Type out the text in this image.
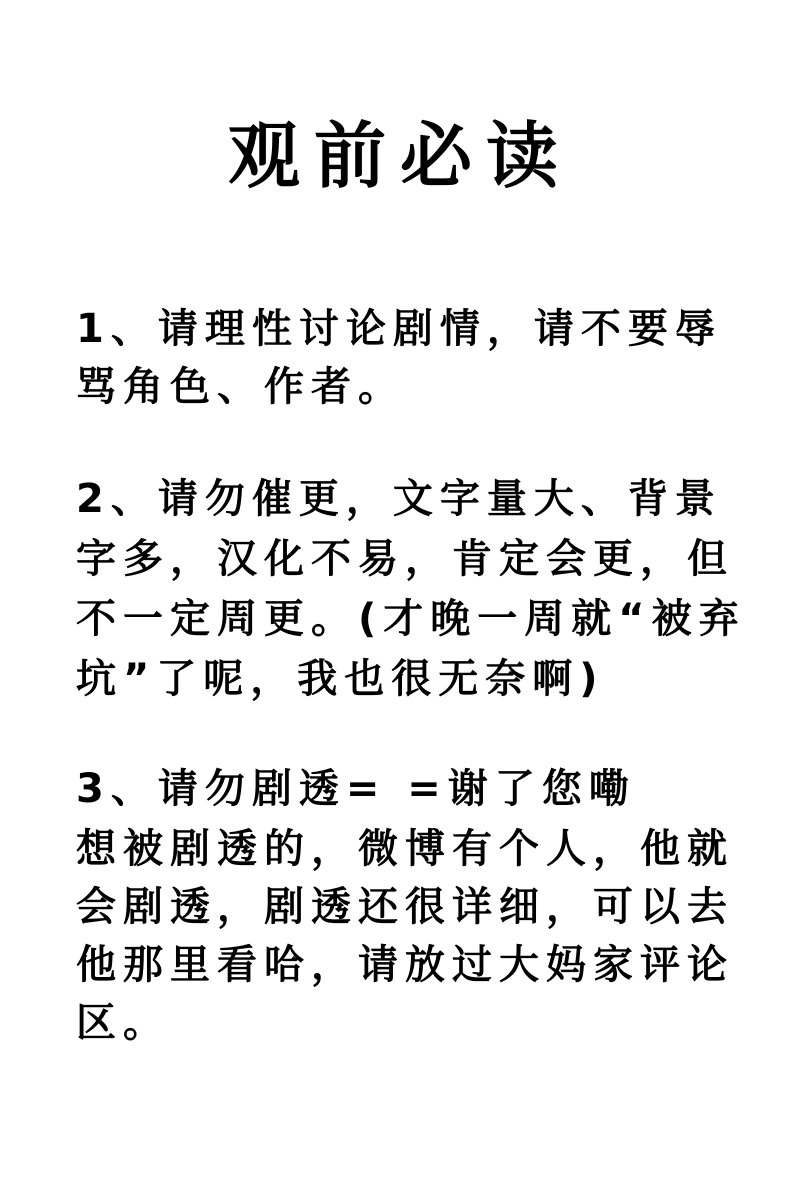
观前必读

1、请理性讨论剧情，请不要辱

骂角色、作者。

2、请勿催更，文字量大、背景

字多，汉化不易，肯定会更，但

不一定周更。(才晚一周就“被弃

坑”了呢，我也很无奈啊)

3、请勿剧透= =谢了您嘞

想被剧透的，微博有个人，他就

会剧透，剧透还很详细，可以去

他那里看哈，请放过大妈家评论

区。
